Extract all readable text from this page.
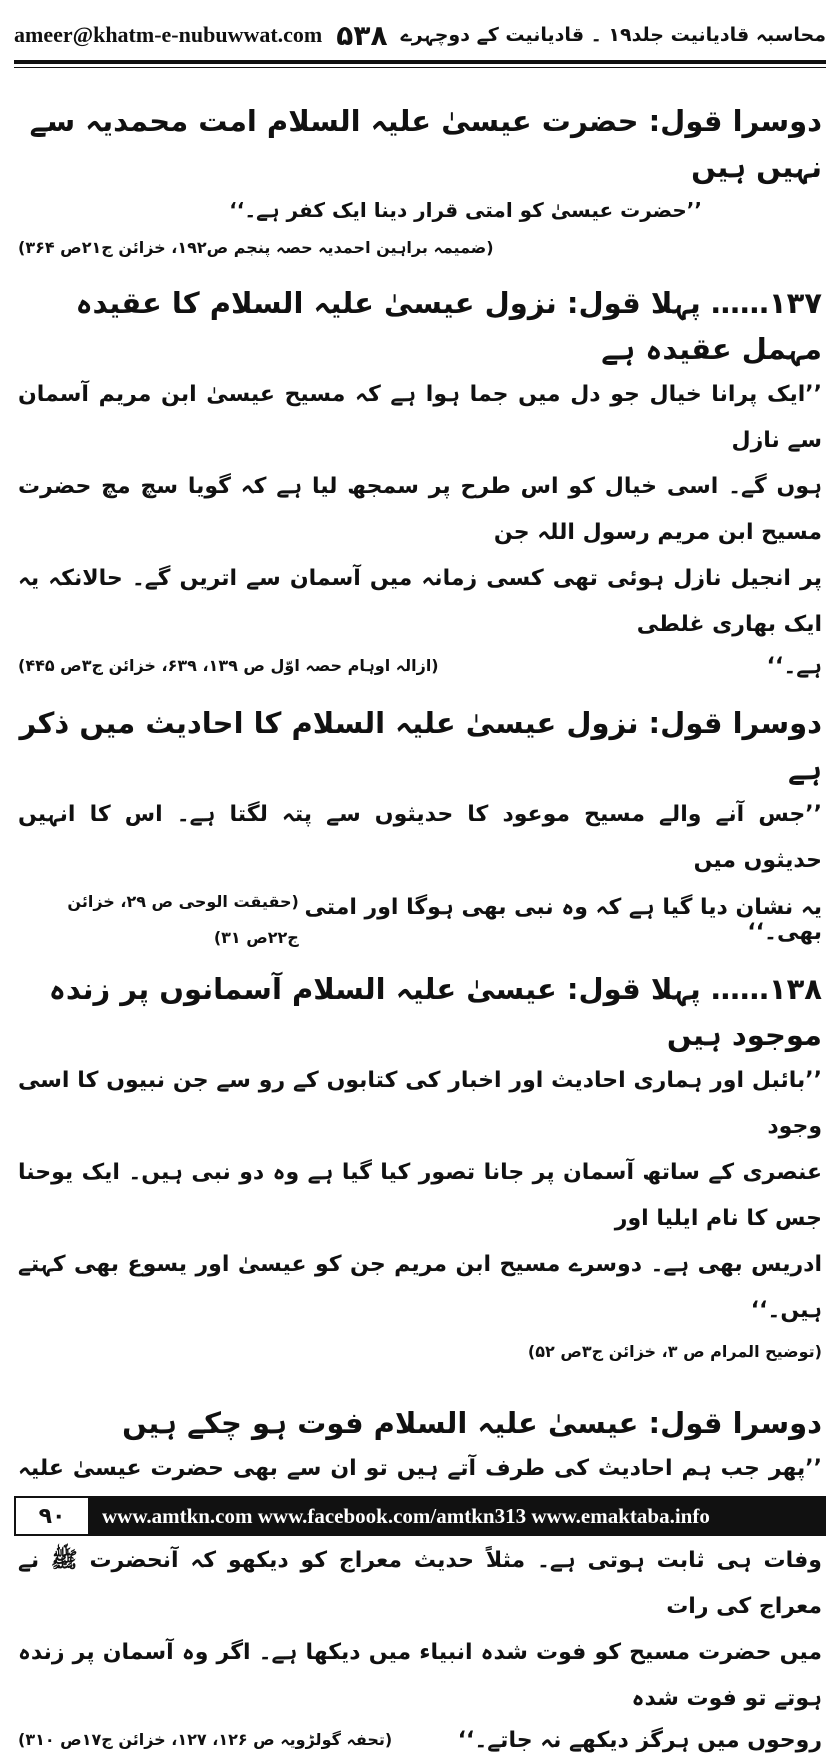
ameer@khatm-e-nubuwwat.com ۵۳۸ محاسبہ قادیانیت جلد۱۹ ۔ قادیانیت کے دوچہرے

دوسرا قول: حضرت عیسیٰ علیہ السلام امت محمدیہ سے نہیں ہیں

’’حضرت عیسیٰ کو امتی قرار دینا ایک کفر ہے۔‘‘
(ضمیمہ براہین احمدیہ حصہ پنجم ص۱۹۲، خزائن ج۲۱ص ۳۶۴)

۱۳۷…… پہلا قول: نزول عیسیٰ علیہ السلام کا عقیدہ مہمل عقیدہ ہے

’’ایک پرانا خیال جو دل میں جما ہوا ہے کہ مسیح عیسیٰ ابن مریم آسمان سے نازل

ہوں گے۔ اسی خیال کو اس طرح پر سمجھ لیا ہے کہ گویا سچ مچ حضرت مسیح ابن مریم رسول اللہ جن

پر انجیل نازل ہوئی تھی کسی زمانہ میں آسمان سے اتریں گے۔ حالانکہ یہ ایک بھاری غلطی

ہے۔‘‘
(ازالہ اوہام حصہ اوّل ص ۱۳۹، ۶۳۹، خزائن ج۳ص ۴۴۵)

دوسرا قول: نزول عیسیٰ علیہ السلام کا احادیث میں ذکر ہے

’’جس آنے والے مسیح موعود کا حدیثوں سے پتہ لگتا ہے۔ اس کا انہیں حدیثوں میں

یہ نشان دیا گیا ہے کہ وہ نبی بھی ہوگا اور امتی بھی۔‘‘
(حقیقت الوحی ص ۲۹، خزائن ج۲۲ص ۳۱)

۱۳۸…… پہلا قول: عیسیٰ علیہ السلام آسمانوں پر زندہ موجود ہیں

’’بائبل اور ہماری احادیث اور اخبار کی کتابوں کے رو سے جن نبیوں کا اسی وجود

عنصری کے ساتھ آسمان پر جانا تصور کیا گیا ہے وہ دو نبی ہیں۔ ایک یوحنا جس کا نام ایلیا اور

ادریس بھی ہے۔ دوسرے مسیح ابن مریم جن کو عیسیٰ اور یسوع بھی کہتے ہیں۔‘‘

(توضیح المرام ص ۳، خزائن ج۳ص ۵۲)

دوسرا قول: عیسیٰ علیہ السلام فوت ہو چکے ہیں

’’پھر جب ہم احادیث کی طرف آتے ہیں تو ان سے بھی حضرت عیسیٰ علیہ

وفات ہی ثابت ہوتی ہے۔ مثلاً حدیث معراج کو دیکھو کہ آنحضرت ﷺ نے معراج کی رات

میں حضرت مسیح کو فوت شدہ انبیاء میں دیکھا ہے۔ اگر وہ آسمان پر زندہ ہوتے تو فوت شدہ

روحوں میں ہرگز دیکھے نہ جاتے۔‘‘
(تحفہ گولڑویہ ص ۱۲۶، ۱۲۷، خزائن ج۱۷ص ۳۱۰)
۹۰	www.amtkn.com www.facebook.com/amtkn313 www.emaktaba.info
